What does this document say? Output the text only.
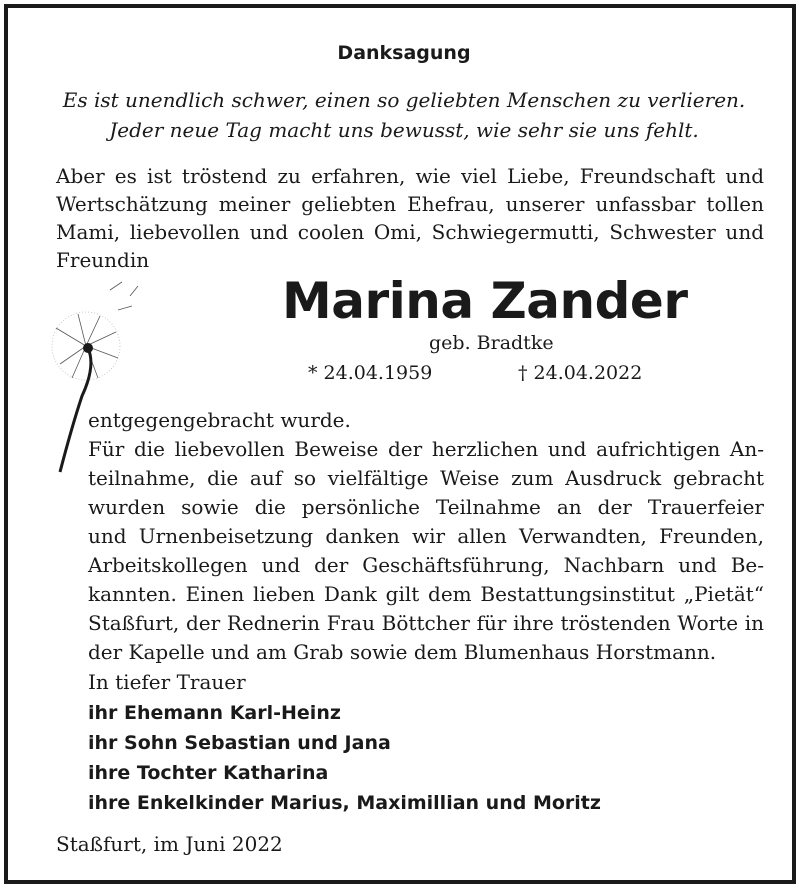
Danksagung
Es ist unendlich schwer, einen so geliebten Menschen zu verlieren.
Jeder neue Tag macht uns bewusst, wie sehr sie uns fehlt.
Aber es ist tröstend zu erfahren, wie viel Liebe, Freundschaft und Wertschätzung meiner geliebten Ehefrau, unserer unfassbar tollen Mami, liebevollen und coolen Omi, Schwiegermutti, Schwester und Freundin
Marina Zander
geb. Bradtke
* 24.04.1959	† 24.04.2022
entgegengebracht wurde.
Für die liebevollen Beweise der herzlichen und aufrichtigen An-
teilnahme, die auf so vielfältige Weise zum Ausdruck gebracht
wurden sowie die persönliche Teilnahme an der Trauerfeier
und Urnenbeisetzung danken wir allen Verwandten, Freunden,
Arbeitskollegen und der Geschäftsführung, Nachbarn und Be-
kannten. Einen lieben Dank gilt dem Bestattungsinstitut „Pietät“
Staßfurt, der Rednerin Frau Böttcher für ihre tröstenden Worte in
der Kapelle und am Grab sowie dem Blumenhaus Horstmann.
In tiefer Trauer
ihr Ehemann Karl-Heinz
ihr Sohn Sebastian und Jana
ihre Tochter Katharina
ihre Enkelkinder Marius, Maximillian und Moritz
Staßfurt, im Juni 2022
